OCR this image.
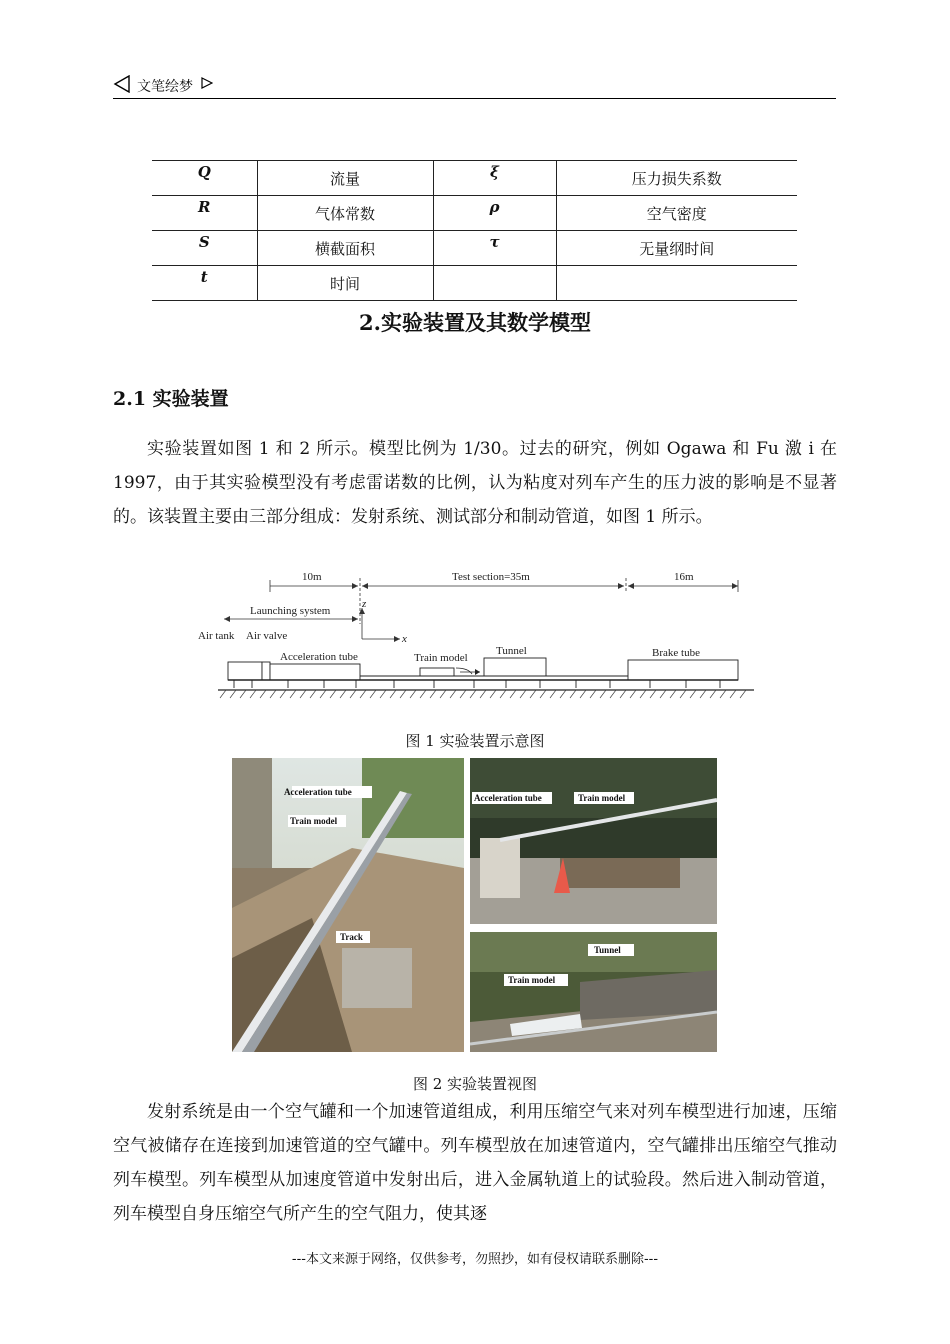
文笔绘梦
Q	流量	ξ	压力损失系数
R	气体常数	ρ	空气密度
S	横截面积	τ	无量纲时间
t	时间		
2.实验装置及其数学模型
2.1 实验装置

实验装置如图 1 和 2 所示。模型比例为 1/30。过去的研究，例如 Ogawa 和 Fu 激 i 在 1997，由于其实验模型没有考虑雷诺数的比例，认为粘度对列车产生的压力波的影响是不显著的。该装置主要由三部分组成：发射系统、测试部分和制动管道，如图 1 所示。

10m	Test section=35m	16m
Launching system
z
x
Air tank Air valve
Acceleration tube	Train model
Tunnel	Brake tube
图 1 实验装置示意图
Acceleration tube
Train model
Track
Acceleration tube	Train model
Tunnel
Train model
图 2 实验装置视图

发射系统是由一个空气罐和一个加速管道组成，利用压缩空气来对列车模型进行加速，压缩空气被储存在连接到加速管道的空气罐中。列车模型放在加速管道内，空气罐排出压缩空气推动列车模型。列车模型从加速度管道中发射出后，进入金属轨道上的试验段。然后进入制动管道，列车模型自身压缩空气所产生的空气阻力，使其逐

---本文来源于网络，仅供参考，勿照抄，如有侵权请联系删除---
